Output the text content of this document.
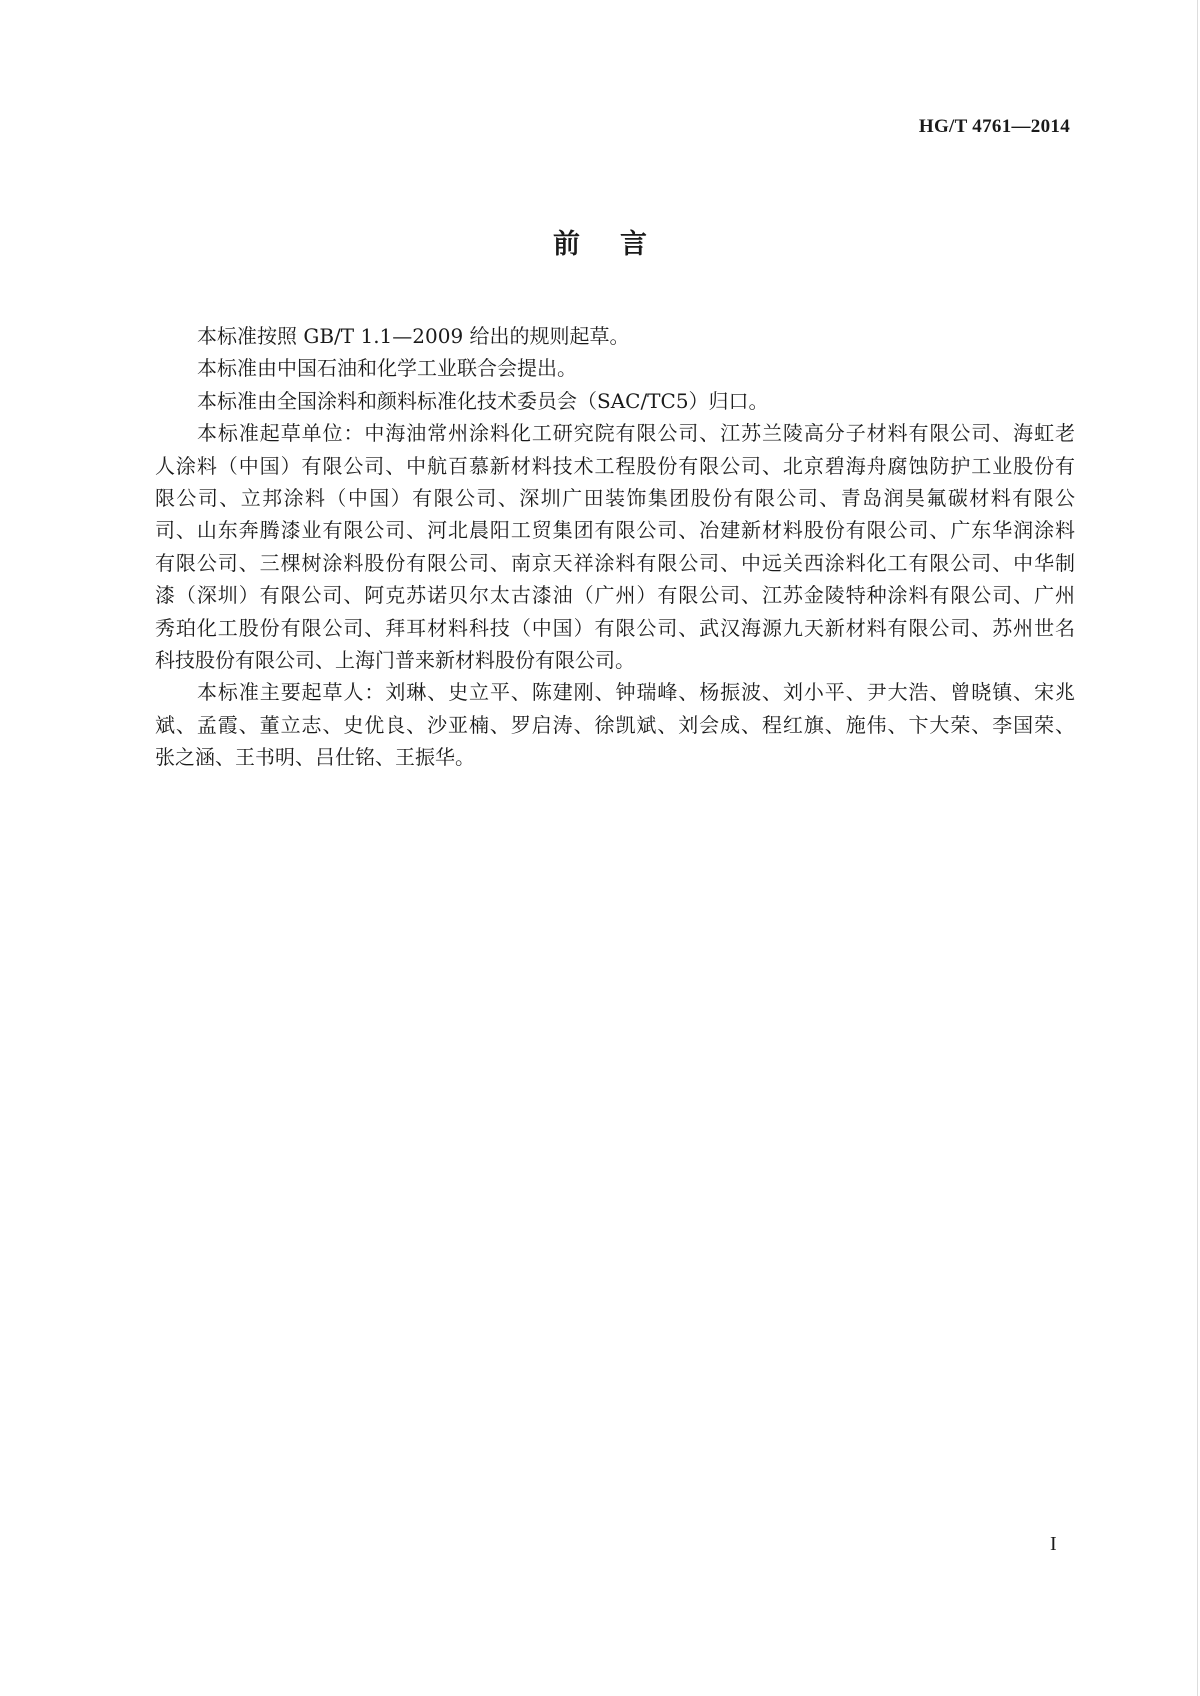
HG/T 4761—2014
前言
本标准按照 GB/T 1.1—2009 给出的规则起草。
本标准由中国石油和化学工业联合会提出。
本标准由全国涂料和颜料标准化技术委员会（SAC/TC5）归口。
本标准起草单位：中海油常州涂料化工研究院有限公司、江苏兰陵高分子材料有限公司、海虹老
人涂料（中国）有限公司、中航百慕新材料技术工程股份有限公司、北京碧海舟腐蚀防护工业股份有
限公司、立邦涂料（中国）有限公司、深圳广田装饰集团股份有限公司、青岛润昊氟碳材料有限公
司、山东奔腾漆业有限公司、河北晨阳工贸集团有限公司、冶建新材料股份有限公司、广东华润涂料
有限公司、三棵树涂料股份有限公司、南京天祥涂料有限公司、中远关西涂料化工有限公司、中华制
漆（深圳）有限公司、阿克苏诺贝尔太古漆油（广州）有限公司、江苏金陵特种涂料有限公司、广州
秀珀化工股份有限公司、拜耳材料科技（中国）有限公司、武汉海源九天新材料有限公司、苏州世名
科技股份有限公司、上海门普来新材料股份有限公司。
本标准主要起草人：刘琳、史立平、陈建刚、钟瑞峰、杨振波、刘小平、尹大浩、曾晓镇、宋兆
斌、孟霞、董立志、史优良、沙亚楠、罗启涛、徐凯斌、刘会成、程红旗、施伟、卞大荣、李国荣、
张之涵、王书明、吕仕铭、王振华。
I
